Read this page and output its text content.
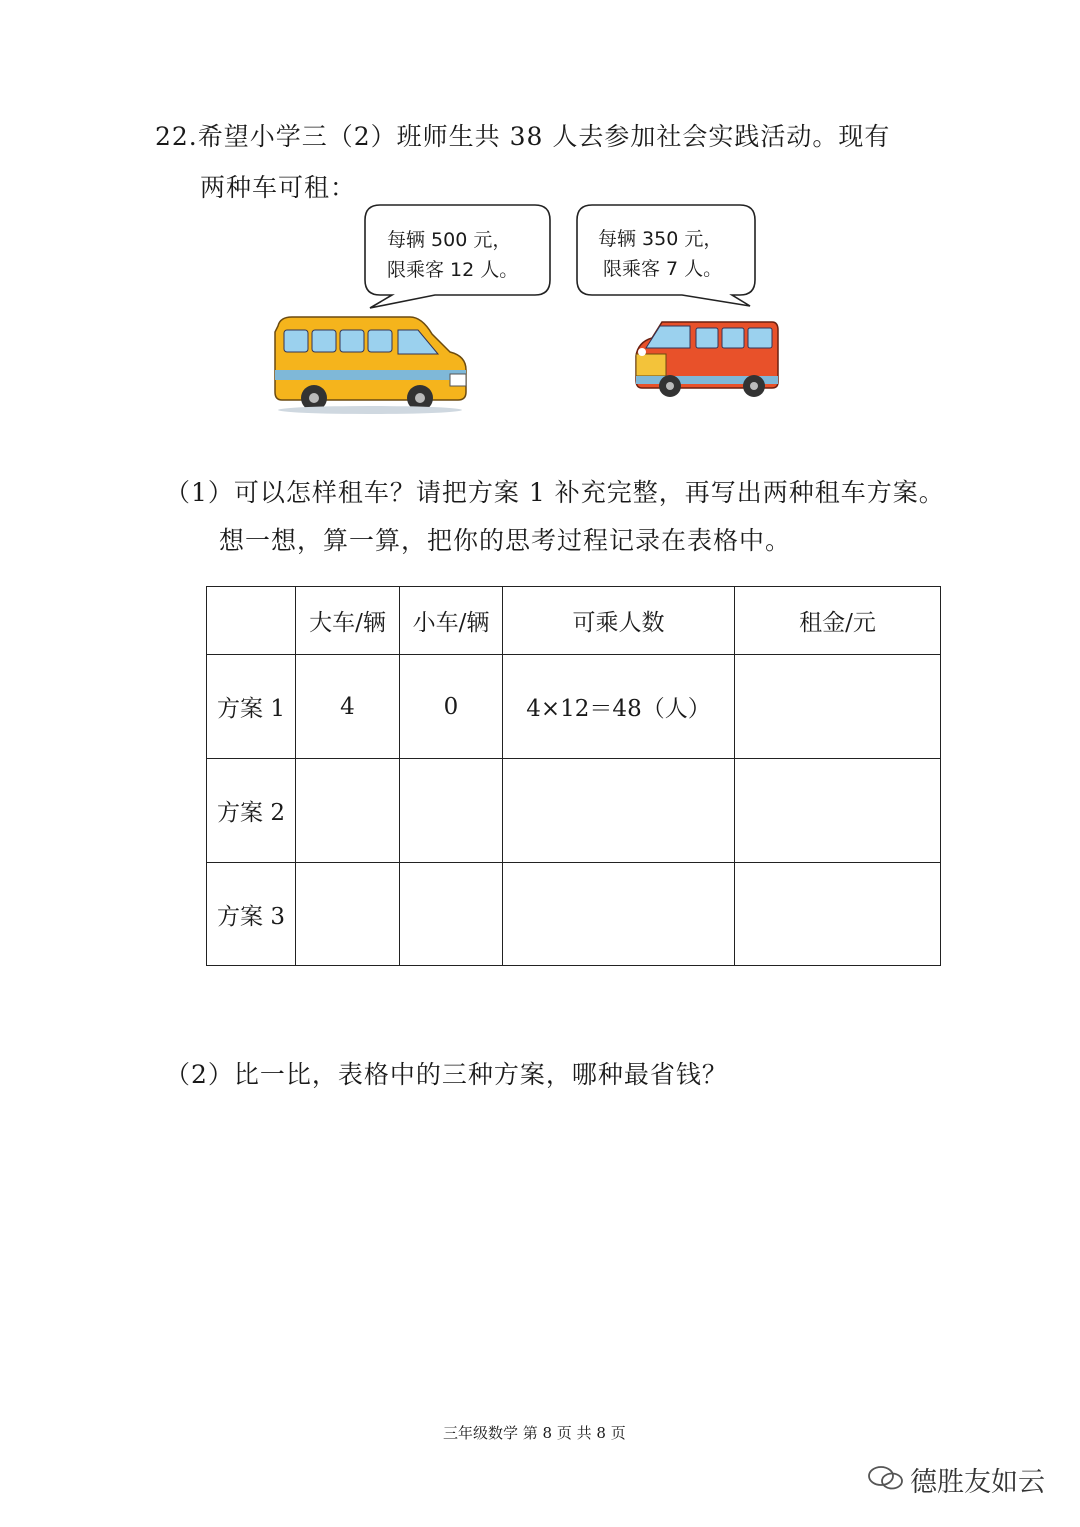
22.希望小学三（2）班师生共 38 人去参加社会实践活动。现有
两种车可租：
每辆 500 元，
限乘客 12 人。
每辆 350 元，
限乘客 7 人。
（1）可以怎样租车？请把方案 1 补充完整，再写出两种租车方案。
想一想，算一算，把你的思考过程记录在表格中。
	大车/辆	小车/辆	可乘人数	租金/元
方案 1	4	0	4×12＝48（人）	
方案 2				
方案 3				
（2）比一比，表格中的三种方案，哪种最省钱？
三年级数学 第 8 页 共 8 页
德胜友如云
